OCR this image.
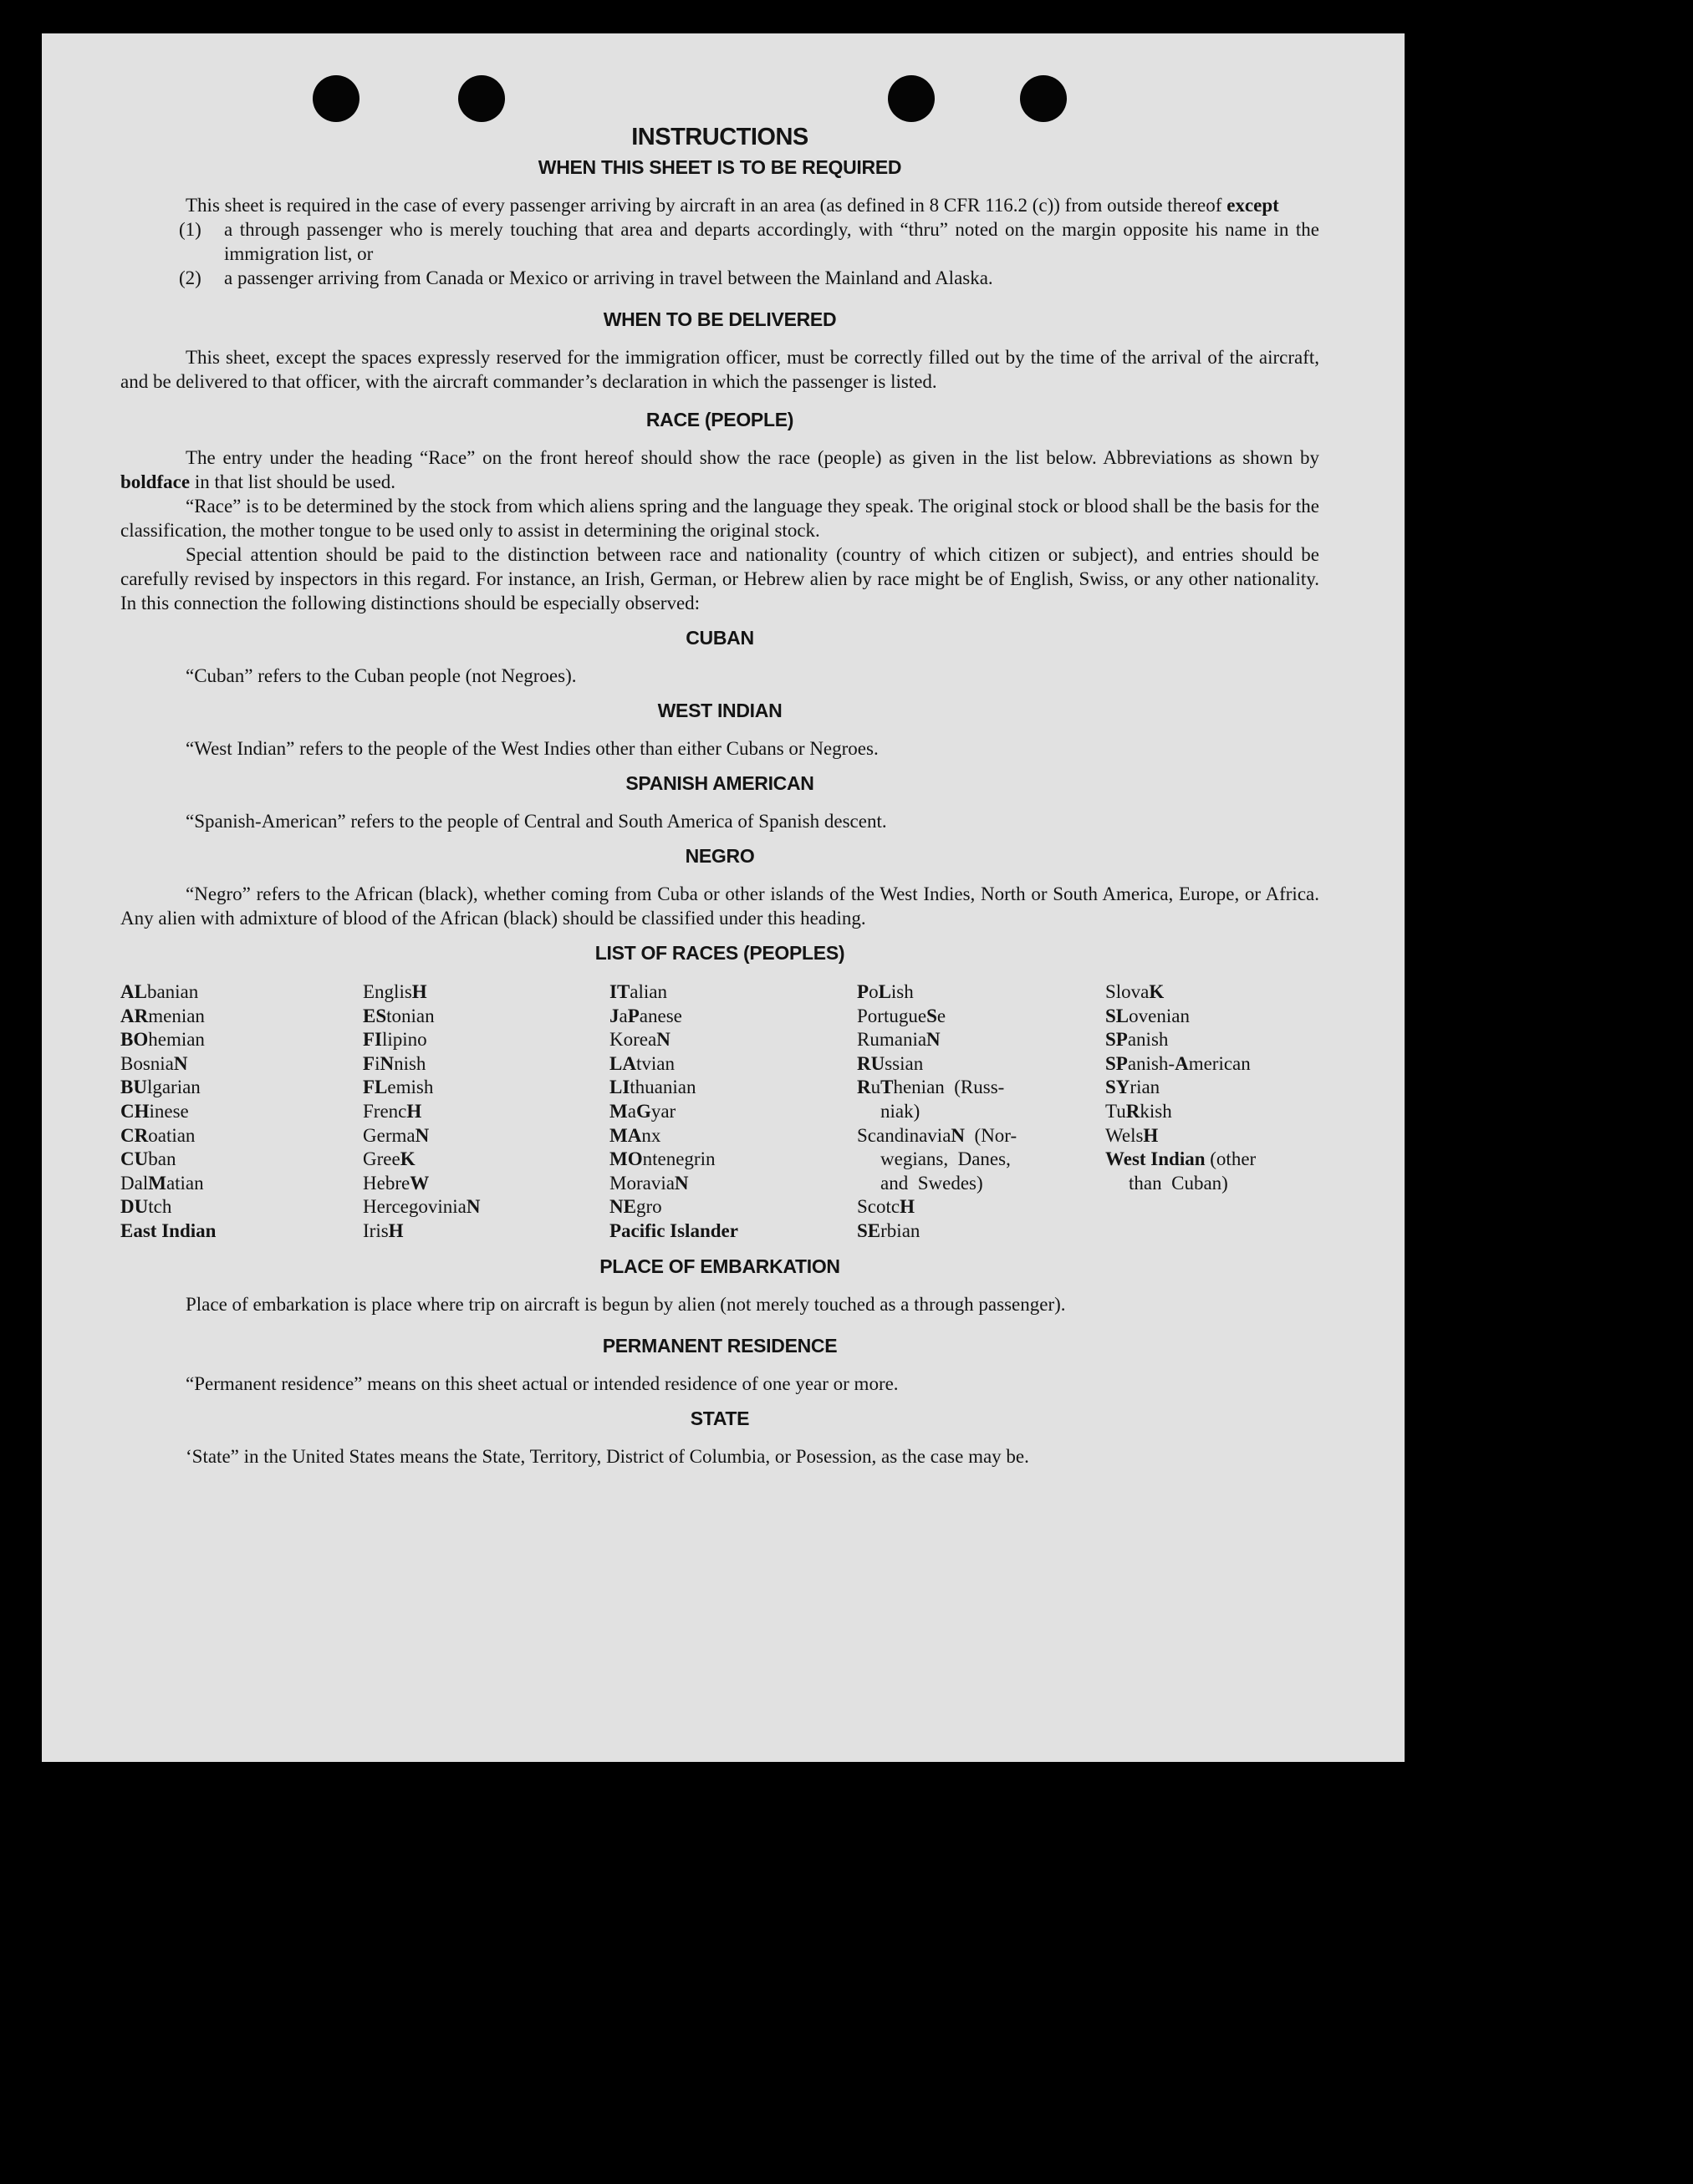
INSTRUCTIONS
WHEN THIS SHEET IS TO BE REQUIRED

This sheet is required in the case of every passenger arriving by aircraft in an area (as defined in 8 CFR 116.2 (c)) from outside thereof except

(1) a through passenger who is merely touching that area and departs accordingly, with “thru” noted on the margin opposite his name in the immigration list, or
(2) a passenger arriving from Canada or Mexico or arriving in travel between the Mainland and Alaska.
WHEN TO BE DELIVERED

This sheet, except the spaces expressly reserved for the immigration officer, must be correctly filled out by the time of the arrival of the aircraft, and be delivered to that officer, with the aircraft commander’s declaration in which the passenger is listed.

RACE (PEOPLE)

The entry under the heading “Race” on the front hereof should show the race (people) as given in the list below. Abbreviations as shown by boldface in that list should be used.

“Race” is to be determined by the stock from which aliens spring and the language they speak. The original stock or blood shall be the basis for the classification, the mother tongue to be used only to assist in determining the original stock.

Special attention should be paid to the distinction between race and nationality (country of which citizen or subject), and entries should be carefully revised by inspectors in this regard. For instance, an Irish, German, or Hebrew alien by race might be of English, Swiss, or any other nationality. In this connection the following distinctions should be especially observed:

CUBAN

“Cuban” refers to the Cuban people (not Negroes).

WEST INDIAN

“West Indian” refers to the people of the West Indies other than either Cubans or Negroes.

SPANISH AMERICAN

“Spanish-American” refers to the people of Central and South America of Spanish descent.

NEGRO

“Negro” refers to the African (black), whether coming from Cuba or other islands of the West Indies, North or South America, Europe, or Africa. Any alien with admixture of blood of the African (black) should be classified under this heading.

LIST OF RACES (PEOPLES)
ALbanian
ARmenian
BOhemian
BosniaN
BUlgarian
CHinese
CRoatian
CUban
DalMatian
DUtch
East Indian
EnglisH
EStonian
FIlipino
FiNnish
FLemish
FrencH
GermaN
GreeK
HebreW
HercegoviniaN
IrisH
ITalian
JaPanese
KoreaN
LAtvian
LIthuanian
MaGyar
MAnx
MOntenegrin
MoraviaN
NEgro
Pacific Islander
PoLish
PortugueSe
RumaniaN
RUssian
RuThenian  (Russ-
niak)
ScandinaviaN  (Nor-
wegians,  Danes,
and  Swedes)
ScotcH
SErbian
SlovaK
SLovenian
SPanish
SPanish-American
SYrian
TuRkish
WelsH
West Indian (other
than  Cuban)
PLACE OF EMBARKATION

Place of embarkation is place where trip on aircraft is begun by alien (not merely touched as a through passenger).

PERMANENT RESIDENCE

“Permanent residence” means on this sheet actual or intended residence of one year or more.

STATE

‘State” in the United States means the State, Territory, District of Columbia, or Posession, as the case may be.
